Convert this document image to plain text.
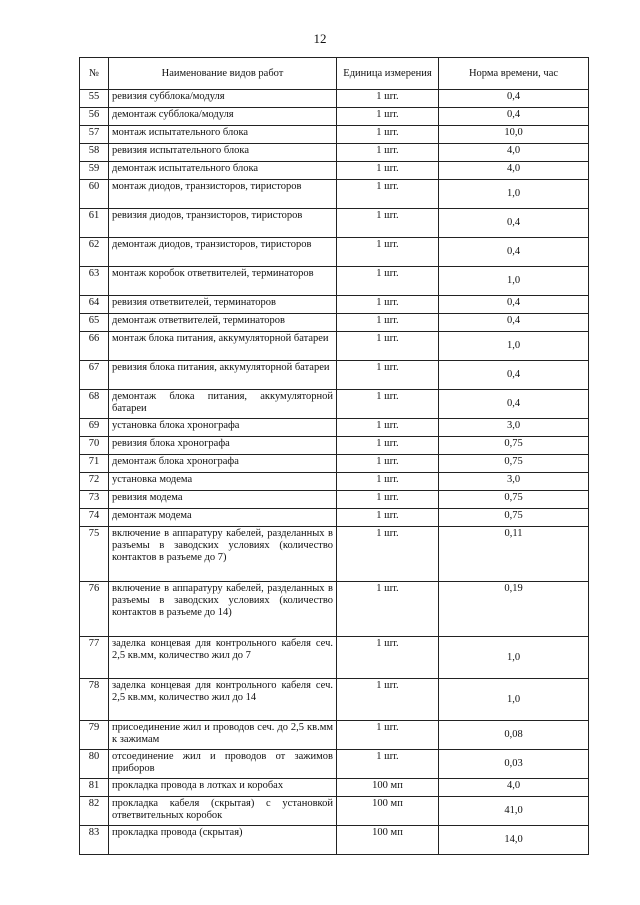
12
№	Наименование видов работ	Единица измерения	Норма времени, час
55	ревизия субблока/модуля	1 шт.	0,4
56	демонтаж субблока/модуля	1 шт.	0,4
57	монтаж испытательного блока	1 шт.	10,0
58	ревизия испытательного блока	1 шт.	4,0
59	демонтаж испытательного блока	1 шт.	4,0
60	монтаж диодов, транзисторов, тиристоров	1 шт.	1,0
61	ревизия диодов, транзисторов, тиристоров	1 шт.	0,4
62	демонтаж диодов, транзисторов, тиристоров	1 шт.	0,4
63	монтаж коробок ответвителей, терминаторов	1 шт.	1,0
64	ревизия ответвителей, терминаторов	1 шт.	0,4
65	демонтаж ответвителей, терминаторов	1 шт.	0,4
66	монтаж блока питания, аккумуляторной батареи	1 шт.	1,0
67	ревизия блока питания, аккумуляторной батареи	1 шт.	0,4
68	демонтаж блока питания, аккумуляторной батареи	1 шт.	0,4
69	установка блока хронографа	1 шт.	3,0
70	ревизия блока хронографа	1 шт.	0,75
71	демонтаж блока хронографа	1 шт.	0,75
72	установка модема	1 шт.	3,0
73	ревизия модема	1 шт.	0,75
74	демонтаж модема	1 шт.	0,75
75	включение в аппаратуру кабелей, разделанных в разъемы в заводских условиях (количество контактов в разъеме до 7)	1 шт.	0,11
76	включение в аппаратуру кабелей, разделанных в разъемы в заводских условиях (количество контактов в разъеме до 14)	1 шт.	0,19
77	заделка концевая для контрольного кабеля сеч. 2,5 кв.мм, количество жил до 7	1 шт.	1,0
78	заделка концевая для контрольного кабеля сеч. 2,5 кв.мм, количество жил до 14	1 шт.	1,0
79	присоединение жил и проводов сеч. до 2,5 кв.мм к зажимам	1 шт.	0,08
80	отсоединение жил и проводов от зажимов приборов	1 шт.	0,03
81	прокладка провода в лотках и коробах	100 мп	4,0
82	прокладка кабеля (скрытая) с установкой ответвительных коробок	100 мп	41,0
83	прокладка провода (скрытая)	100 мп	14,0
